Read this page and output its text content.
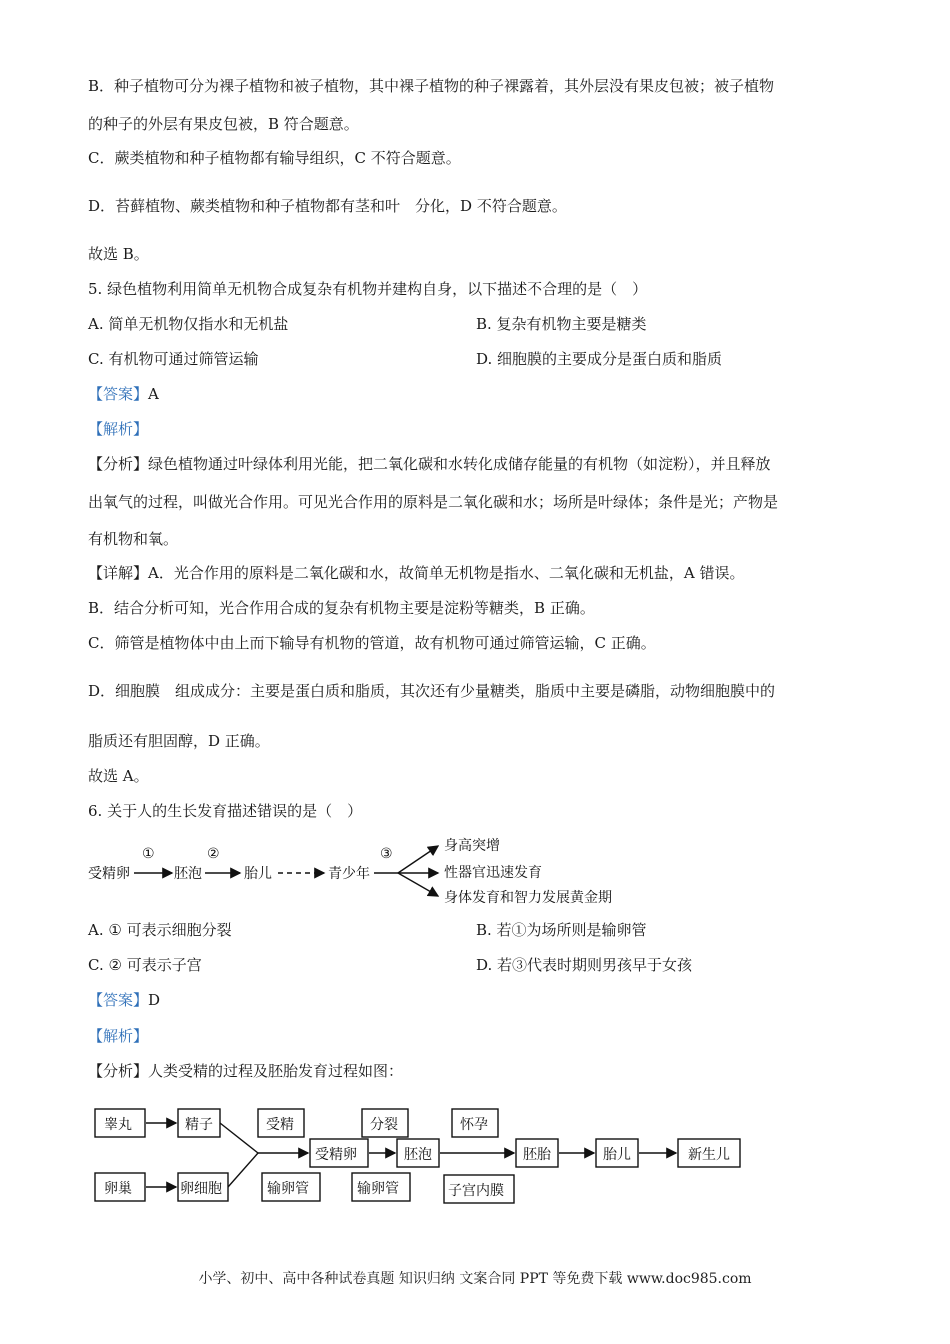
B．种子植物可分为裸子植物和被子植物，其中裸子植物的种子裸露着，其外层没有果皮包被；被子植物
的种子的外层有果皮包被，B 符合题意。
C．蕨类植物和种子植物都有输导组织，C 不符合题意。
D．苔藓植物、蕨类植物和种子植物都有茎和叶　分化，D 不符合题意。
故选 B。
5. 绿色植物利用简单无机物合成复杂有机物并建构自身，以下描述不合理的是（　）
A. 简单无机物仅指水和无机盐	B. 复杂有机物主要是糖类
C. 有机物可通过筛管运输	D. 细胞膜的主要成分是蛋白质和脂质
【答案】A
【解析】
【分析】绿色植物通过叶绿体利用光能，把二氧化碳和水转化成储存能量的有机物（如淀粉），并且释放
出氧气的过程，叫做光合作用。可见光合作用的原料是二氧化碳和水；场所是叶绿体；条件是光；产物是
有机物和氧。
【详解】A．光合作用的原料是二氧化碳和水，故简单无机物是指水、二氧化碳和无机盐，A 错误。
B．结合分析可知，光合作用合成的复杂有机物主要是淀粉等糖类，B 正确。
C．筛管是植物体中由上而下输导有机物的管道，故有机物可通过筛管运输，C 正确。
D．细胞膜　组成成分：主要是蛋白质和脂质，其次还有少量糖类，脂质中主要是磷脂，动物细胞膜中的
脂质还有胆固醇，D 正确。
故选 A。
6. 关于人的生长发育描述错误的是（　）
受精卵
①
胚泡
②
胎儿	青少年
③	身高突增
性器官迅速发育
身体发育和智力发展黄金期
A. ① 可表示细胞分裂	B. 若①为场所则是输卵管
C. ② 可表示子宫	D. 若③代表时期则男孩早于女孩
【答案】D
【解析】
【分析】人类受精的过程及胚胎发育过程如图：
睾丸	精子
卵巢	卵细胞
受精
输卵管
受精卵
分裂
输卵管
胚泡
怀孕
子宫内膜
胚胎	胎儿	新生儿
小学、初中、高中各种试卷真题 知识归纳 文案合同 PPT 等免费下载 www.doc985.com
